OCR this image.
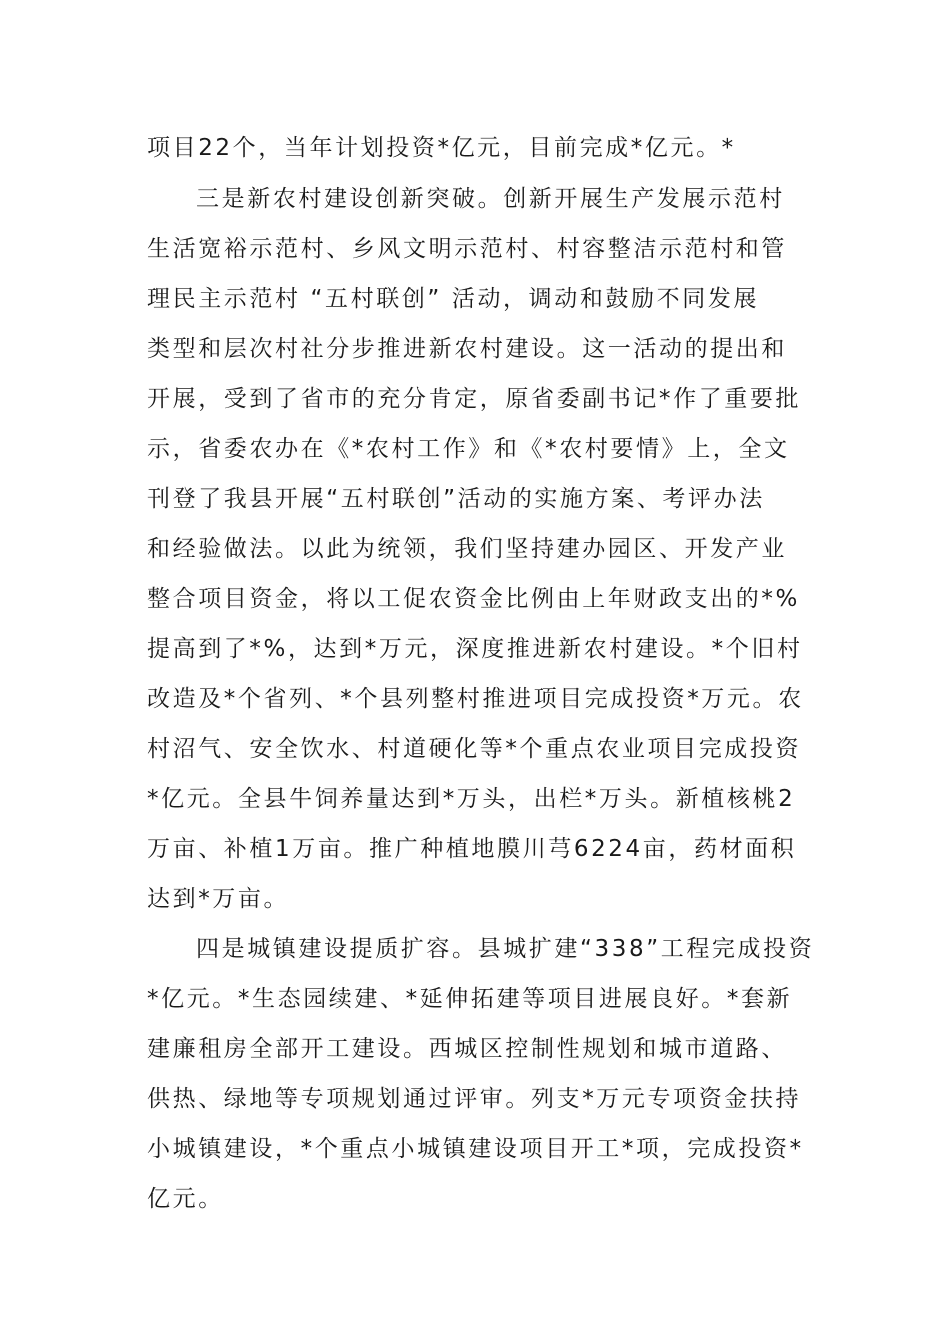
项目22个，当年计划投资*亿元，目前完成*亿元。*
三是新农村建设创新突破。创新开展生产发展示范村
生活宽裕示范村、乡风文明示范村、村容整洁示范村和管
理民主示范村 “五村联创” 活动，调动和鼓励不同发展
类型和层次村社分步推进新农村建设。这一活动的提出和
开展，受到了省市的充分肯定，原省委副书记*作了重要批
示，省委农办在《*农村工作》和《*农村要情》上，全文
刊登了我县开展“五村联创”活动的实施方案、考评办法
和经验做法。以此为统领，我们坚持建办园区、开发产业
整合项目资金，将以工促农资金比例由上年财政支出的*%
提高到了*%，达到*万元，深度推进新农村建设。*个旧村
改造及*个省列、*个县列整村推进项目完成投资*万元。农
村沼气、安全饮水、村道硬化等*个重点农业项目完成投资
*亿元。全县牛饲养量达到*万头，出栏*万头。新植核桃2
万亩、补植1万亩。推广种植地膜川芎6224亩，药材面积
达到*万亩。
四是城镇建设提质扩容。县城扩建“338”工程完成投资
*亿元。*生态园续建、*延伸拓建等项目进展良好。*套新
建廉租房全部开工建设。西城区控制性规划和城市道路、
供热、绿地等专项规划通过评审。列支*万元专项资金扶持
小城镇建设，*个重点小城镇建设项目开工*项，完成投资*
亿元。
